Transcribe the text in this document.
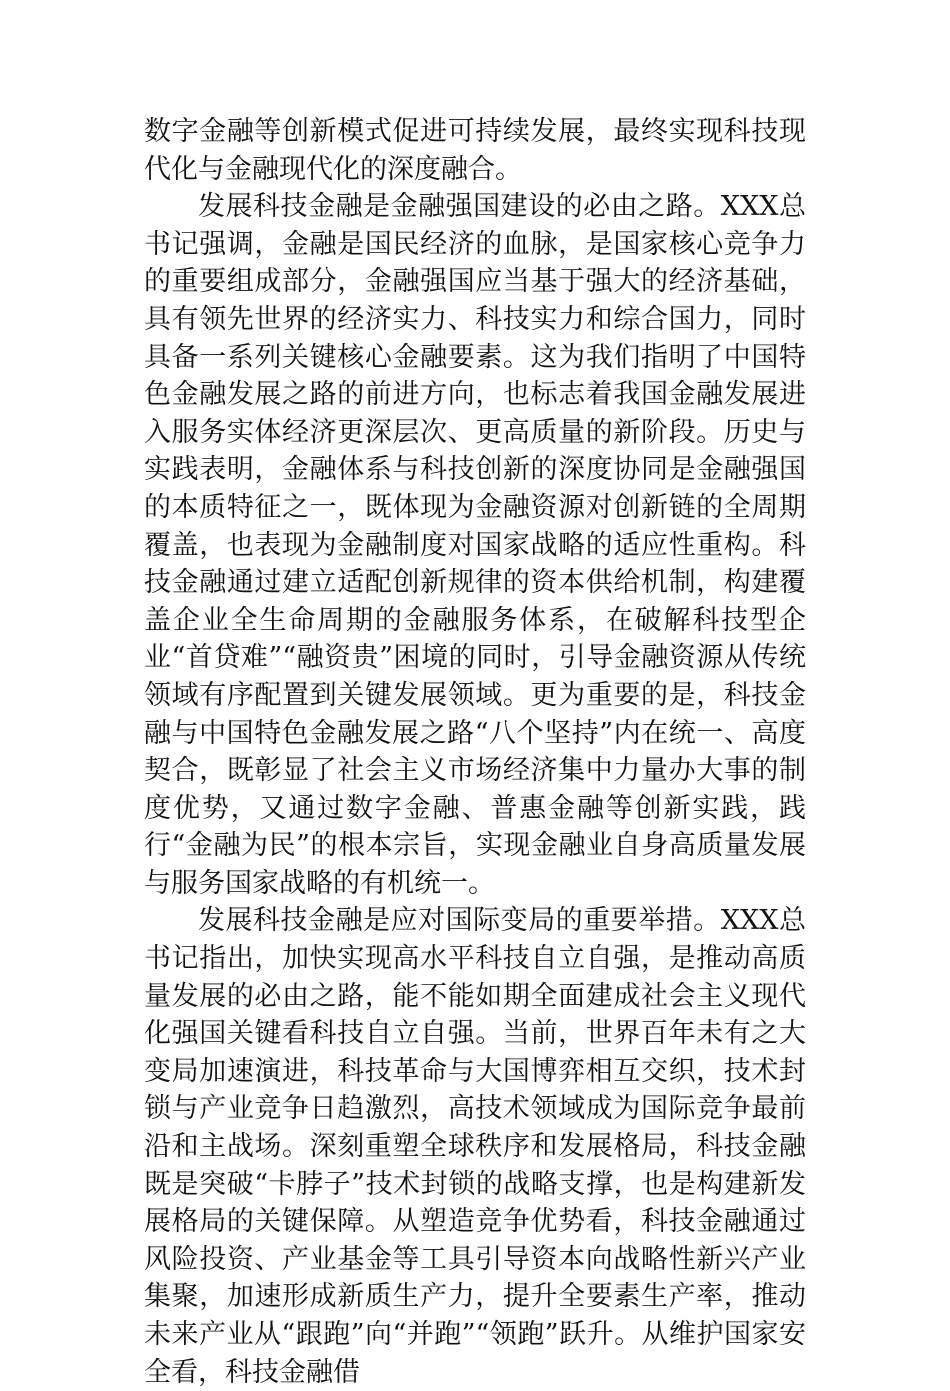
数字金融等创新模式促进可持续发展，最终实现科技现代化与金融现代化的深度融合。

发展科技金融是金融强国建设的必由之路。XXX总书记强调，金融是国民经济的血脉，是国家核心竞争力的重要组成部分，金融强国应当基于强大的经济基础，具有领先世界的经济实力、科技实力和综合国力，同时具备一系列关键核心金融要素。这为我们指明了中国特色金融发展之路的前进方向，也标志着我国金融发展进入服务实体经济更深层次、更高质量的新阶段。历史与实践表明，金融体系与科技创新的深度协同是金融强国的本质特征之一，既体现为金融资源对创新链的全周期覆盖，也表现为金融制度对国家战略的适应性重构。科技金融通过建立适配创新规律的资本供给机制，构建覆盖企业全生命周期的金融服务体系，在破解科技型企业“首贷难”“融资贵”困境的同时，引导金融资源从传统领域有序配置到关键发展领域。更为重要的是，科技金融与中国特色金融发展之路“八个坚持”内在统一、高度契合，既彰显了社会主义市场经济集中力量办大事的制度优势，又通过数字金融、普惠金融等创新实践，践行“金融为民”的根本宗旨，实现金融业自身高质量发展与服务国家战略的有机统一。

发展科技金融是应对国际变局的重要举措。XXX总书记指出，加快实现高水平科技自立自强，是推动高质量发展的必由之路，能不能如期全面建成社会主义现代化强国关键看科技自立自强。当前，世界百年未有之大变局加速演进，科技革命与大国博弈相互交织，技术封锁与产业竞争日趋激烈，高技术领域成为国际竞争最前沿和主战场。深刻重塑全球秩序和发展格局，科技金融既是突破“卡脖子”技术封锁的战略支撑，也是构建新发展格局的关键保障。从塑造竞争优势看，科技金融通过风险投资、产业基金等工具引导资本向战略性新兴产业集聚，加速形成新质生产力，提升全要素生产率，推动未来产业从“跟跑”向“并跑”“领跑”跃升。从维护国家安全看，科技金融借
